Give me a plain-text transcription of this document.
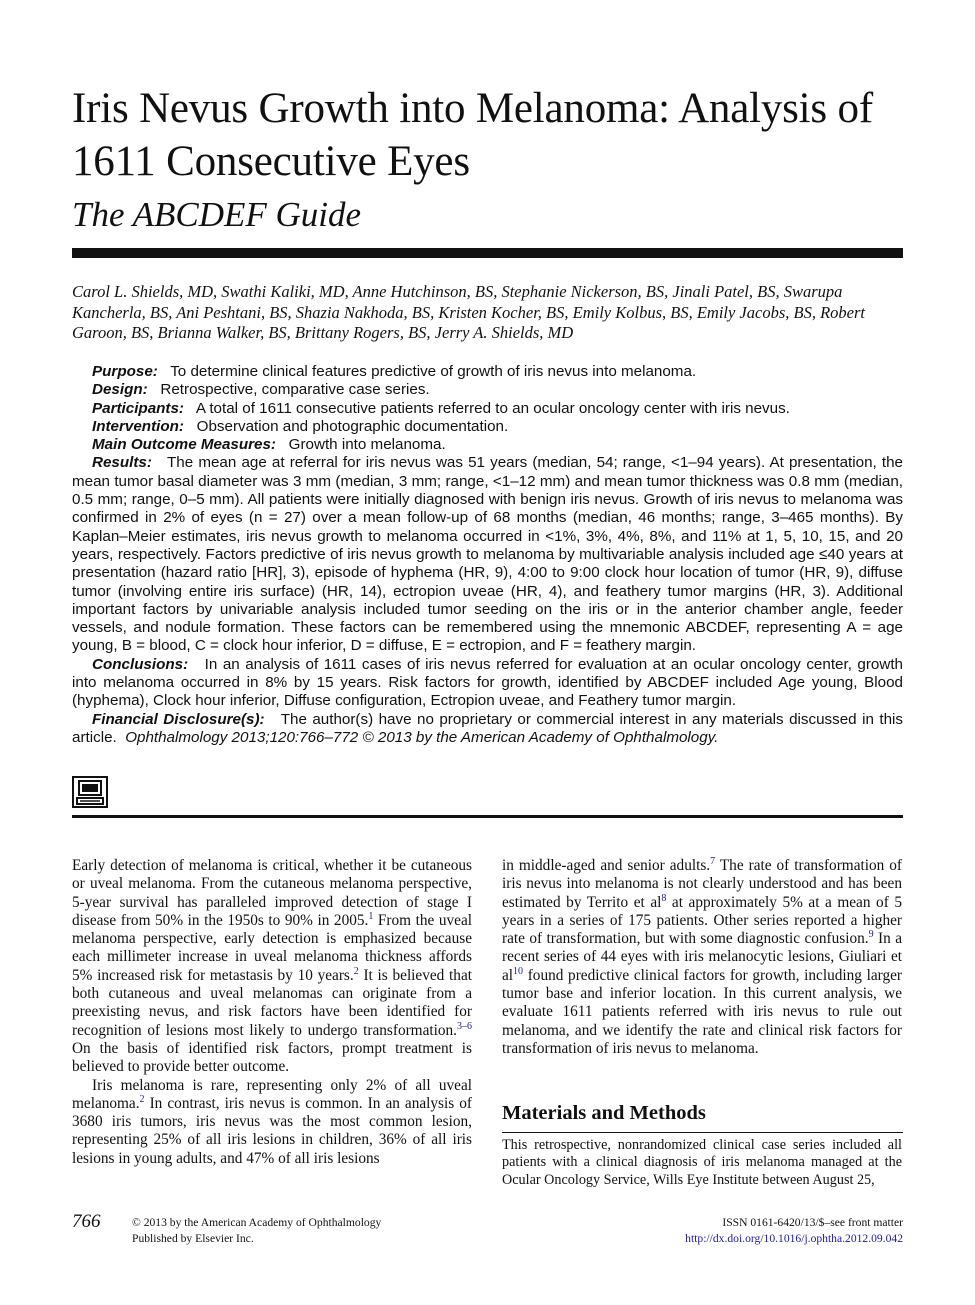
Iris Nevus Growth into Melanoma: Analysis of 1611 Consecutive Eyes
The ABCDEF Guide
Carol L. Shields, MD, Swathi Kaliki, MD, Anne Hutchinson, BS, Stephanie Nickerson, BS, Jinali Patel, BS, Swarupa Kancherla, BS, Ani Peshtani, BS, Shazia Nakhoda, BS, Kristen Kocher, BS, Emily Kolbus, BS, Emily Jacobs, BS, Robert Garoon, BS, Brianna Walker, BS, Brittany Rogers, BS, Jerry A. Shields, MD

Purpose: To determine clinical features predictive of growth of iris nevus into melanoma.

Design: Retrospective, comparative case series.

Participants: A total of 1611 consecutive patients referred to an ocular oncology center with iris nevus.

Intervention: Observation and photographic documentation.

Main Outcome Measures: Growth into melanoma.

Results: The mean age at referral for iris nevus was 51 years (median, 54; range, <1–94 years). At presentation, the mean tumor basal diameter was 3 mm (median, 3 mm; range, <1–12 mm) and mean tumor thickness was 0.8 mm (median, 0.5 mm; range, 0–5 mm). All patients were initially diagnosed with benign iris nevus. Growth of iris nevus to melanoma was confirmed in 2% of eyes (n = 27) over a mean follow-up of 68 months (median, 46 months; range, 3–465 months). By Kaplan–Meier estimates, iris nevus growth to melanoma occurred in <1%, 3%, 4%, 8%, and 11% at 1, 5, 10, 15, and 20 years, respectively. Factors predictive of iris nevus growth to melanoma by multivariable analysis included age ≤40 years at presentation (hazard ratio [HR], 3), episode of hyphema (HR, 9), 4:00 to 9:00 clock hour location of tumor (HR, 9), diffuse tumor (involving entire iris surface) (HR, 14), ectropion uveae (HR, 4), and feathery tumor margins (HR, 3). Additional important factors by univariable analysis included tumor seeding on the iris or in the anterior chamber angle, feeder vessels, and nodule formation. These factors can be remembered using the mnemonic ABCDEF, representing A = age young, B = blood, C = clock hour inferior, D = diffuse, E = ectropion, and F = feathery margin.

Conclusions: In an analysis of 1611 cases of iris nevus referred for evaluation at an ocular oncology center, growth into melanoma occurred in 8% by 15 years. Risk factors for growth, identified by ABCDEF included Age young, Blood (hyphema), Clock hour inferior, Diffuse configuration, Ectropion uveae, and Feathery tumor margin.

Financial Disclosure(s): The author(s) have no proprietary or commercial interest in any materials discussed in this article. Ophthalmology 2013;120:766–772 © 2013 by the American Academy of Ophthalmology.

Early detection of melanoma is critical, whether it be cutaneous or uveal melanoma. From the cutaneous melanoma perspective, 5-year survival has paralleled improved detection of stage I disease from 50% in the 1950s to 90% in 2005.$^1$ From the uveal melanoma perspective, early detection is emphasized because each millimeter increase in uveal melanoma thickness affords 5% increased risk for metastasis by 10 years.$^2$ It is believed that both cutaneous and uveal melanomas can originate from a preexisting nevus, and risk factors have been identified for recognition of lesions most likely to undergo transformation.$^{3-6}$ On the basis of identified risk factors, prompt treatment is believed to provide better outcome.

Iris melanoma is rare, representing only 2% of all uveal melanoma.$^2$ In contrast, iris nevus is common. In an analysis of 3680 iris tumors, iris nevus was the most common lesion, representing 25% of all iris lesions in children, 36% of all iris lesions in young adults, and 47% of all iris lesions

in middle-aged and senior adults.$^7$ The rate of transformation of iris nevus into melanoma is not clearly understood and has been estimated by Territo et $al^8$ at approximately 5% at a mean of 5 years in a series of 175 patients. Other series reported a higher rate of transformation, but with some diagnostic confusion.$^9$ In a recent series of 44 eyes with iris melanocytic lesions, Giuliari et $al^{10}$ found predictive clinical factors for growth, including larger tumor base and inferior location. In this current analysis, we evaluate 1611 patients referred with iris nevus to rule out melanoma, and we identify the rate and clinical risk factors for transformation of iris nevus to melanoma.

Materials and Methods

This retrospective, nonrandomized clinical case series included all patients with a clinical diagnosis of iris melanoma managed at the Ocular Oncology Service, Wills Eye Institute between August 25,

766	© 2013 by the American Academy of Ophthalmology
Published by Elsevier Inc.
ISSN 0161-6420/13/$–see front matter
http://dx.doi.org/10.1016/j.ophtha.2012.09.042
